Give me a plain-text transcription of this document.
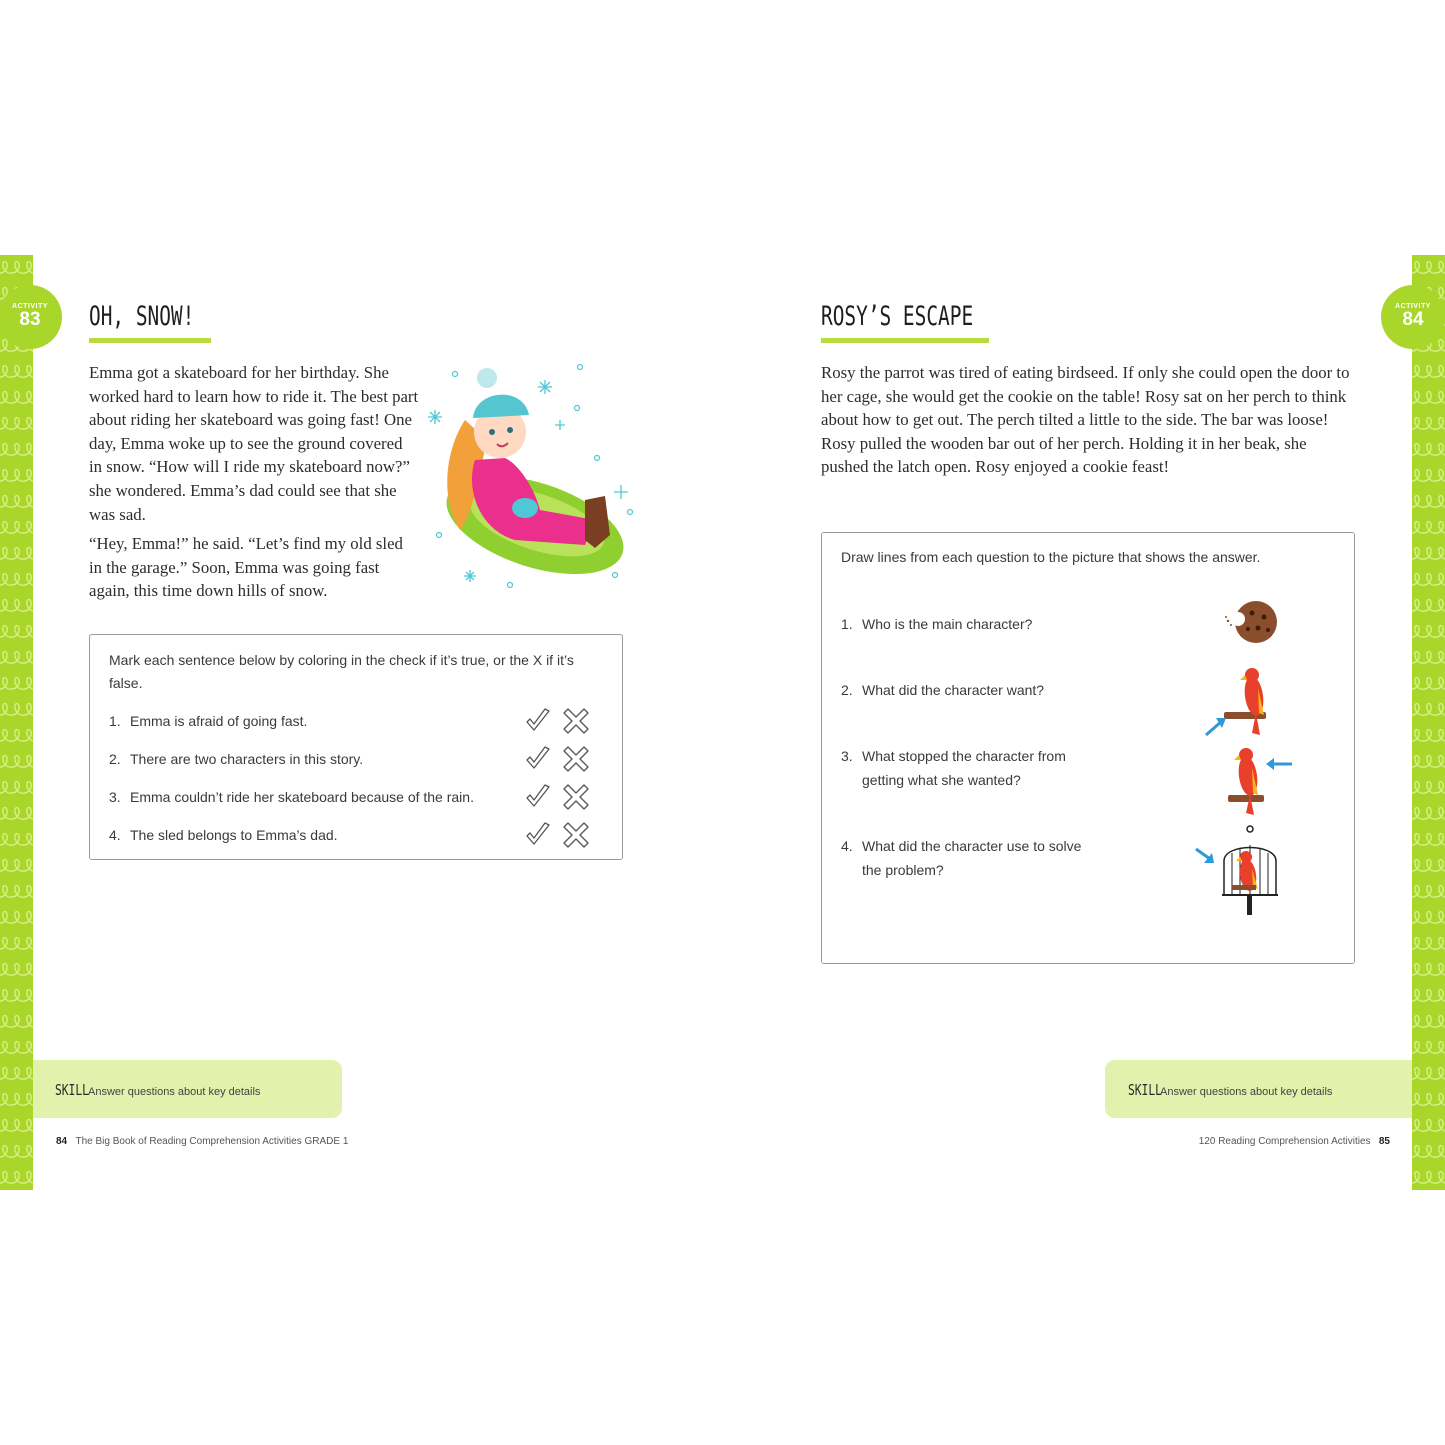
ACTIVITY
83
ACTIVITY
84
OH, SNOW!

Emma got a skateboard for her birthday. She worked hard to learn how to ride it. The best part about riding her skateboard was going fast! One day, Emma woke up to see the ground covered in snow. “How will I ride my skateboard now?” she wondered. Emma’s dad could see that she was sad.

“Hey, Emma!” he said. “Let’s find my old sled in the garage.” Soon, Emma was going fast again, this time down hills of snow.

Mark each sentence below by coloring in the check if it’s true, or the X if it’s false.
1. Emma is afraid of going fast.
2. There are two characters in this story.
3. Emma couldn’t ride her skateboard because of the rain.
4. The sled belongs to Emma’s dad.
SKILL Answer questions about key details
84 The Big Book of Reading Comprehension Activities GRADE 1
ROSY’S ESCAPE

Rosy the parrot was tired of eating birdseed. If only she could open the door to her cage, she would get the cookie on the table! Rosy sat on her perch to think about how to get out. The perch tilted a little to the side. The bar was loose! Rosy pulled the wooden bar out of her perch. Holding it in her beak, she pushed the latch open. Rosy enjoyed a cookie feast!

Draw lines from each question to the picture that shows the answer.
1. Who is the main character?
2. What did the character want?
3. What stopped the character from
getting what she wanted?
4. What did the character use to solve
the problem?
SKILL
Answer questions about key details
120 Reading Comprehension Activities 85
